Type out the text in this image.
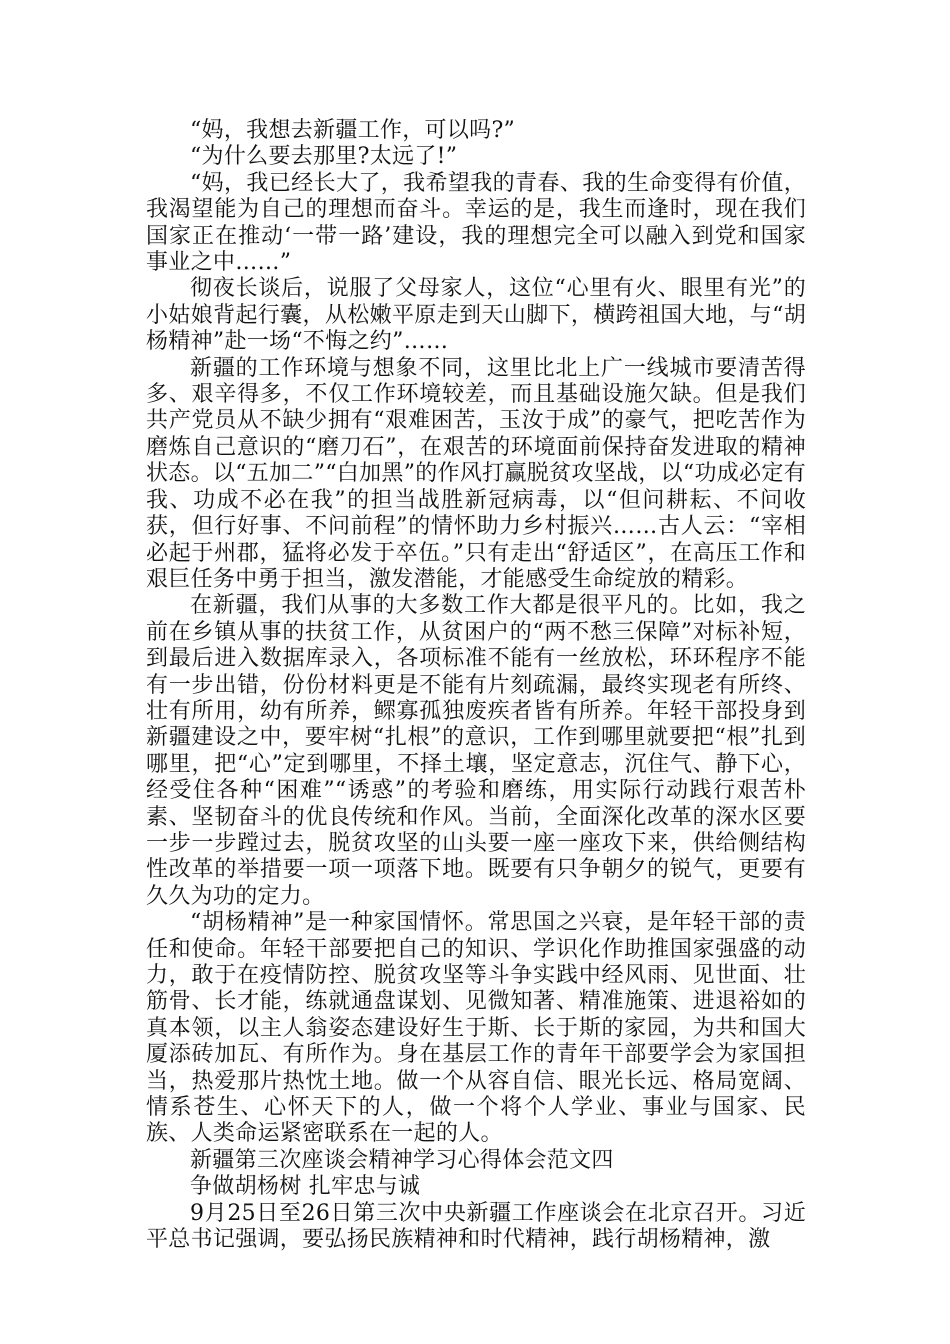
“妈，我想去新疆工作，可以吗?”

“为什么要去那里?太远了!”

“妈，我已经长大了，我希望我的青春、我的生命变得有价值，我渴望能为自己的理想而奋斗。幸运的是，我生而逢时，现在我们国家正在推动‘一带一路’建设，我的理想完全可以融入到党和国家事业之中……”

彻夜长谈后，说服了父母家人，这位“心里有火、眼里有光”的小姑娘背起行囊，从松嫩平原走到天山脚下，横跨祖国大地，与“胡杨精神”赴一场“不悔之约”……

新疆的工作环境与想象不同，这里比北上广一线城市要清苦得多、艰辛得多，不仅工作环境较差，而且基础设施欠缺。但是我们共产党员从不缺少拥有“艰难困苦，玉汝于成”的豪气，把吃苦作为磨炼自己意识的“磨刀石”，在艰苦的环境面前保持奋发进取的精神状态。以“五加二”“白加黑”的作风打赢脱贫攻坚战，以“功成必定有我、功成不必在我”的担当战胜新冠病毒，以“但问耕耘、不问收获，但行好事、不问前程”的情怀助力乡村振兴……古人云：“宰相必起于州郡，猛将必发于卒伍。”只有走出“舒适区”，在高压工作和艰巨任务中勇于担当，激发潜能，才能感受生命绽放的精彩。

在新疆，我们从事的大多数工作大都是很平凡的。比如，我之前在乡镇从事的扶贫工作，从贫困户的“两不愁三保障”对标补短，到最后进入数据库录入，各项标准不能有一丝放松，环环程序不能有一步出错，份份材料更是不能有片刻疏漏，最终实现老有所终、壮有所用，幼有所养，鳏寡孤独废疾者皆有所养。年轻干部投身到新疆建设之中，要牢树“扎根”的意识，工作到哪里就要把“根”扎到哪里，把“心”定到哪里，不择土壤，坚定意志，沉住气、静下心，经受住各种“困难”“诱惑”的考验和磨练，用实际行动践行艰苦朴素、坚韧奋斗的优良传统和作风。当前，全面深化改革的深水区要一步一步蹚过去，脱贫攻坚的山头要一座一座攻下来，供给侧结构性改革的举措要一项一项落下地。既要有只争朝夕的锐气，更要有久久为功的定力。

“胡杨精神”是一种家国情怀。常思国之兴衰，是年轻干部的责任和使命。年轻干部要把自己的知识、学识化作助推国家强盛的动力，敢于在疫情防控、脱贫攻坚等斗争实践中经风雨、见世面、壮筋骨、长才能，练就通盘谋划、见微知著、精准施策、进退裕如的真本领，以主人翁姿态建设好生于斯、长于斯的家园，为共和国大厦添砖加瓦、有所作为。身在基层工作的青年干部要学会为家国担当，热爱那片热忱土地。做一个从容自信、眼光长远、格局宽阔、情系苍生、心怀天下的人，做一个将个人学业、事业与国家、民族、人类命运紧密联系在一起的人。

新疆第三次座谈会精神学习心得体会范文四

争做胡杨树 扎牢忠与诚

9月25日至26日第三次中央新疆工作座谈会在北京召开。习近平总书记强调，要弘扬民族精神和时代精神，践行胡杨精神，激
